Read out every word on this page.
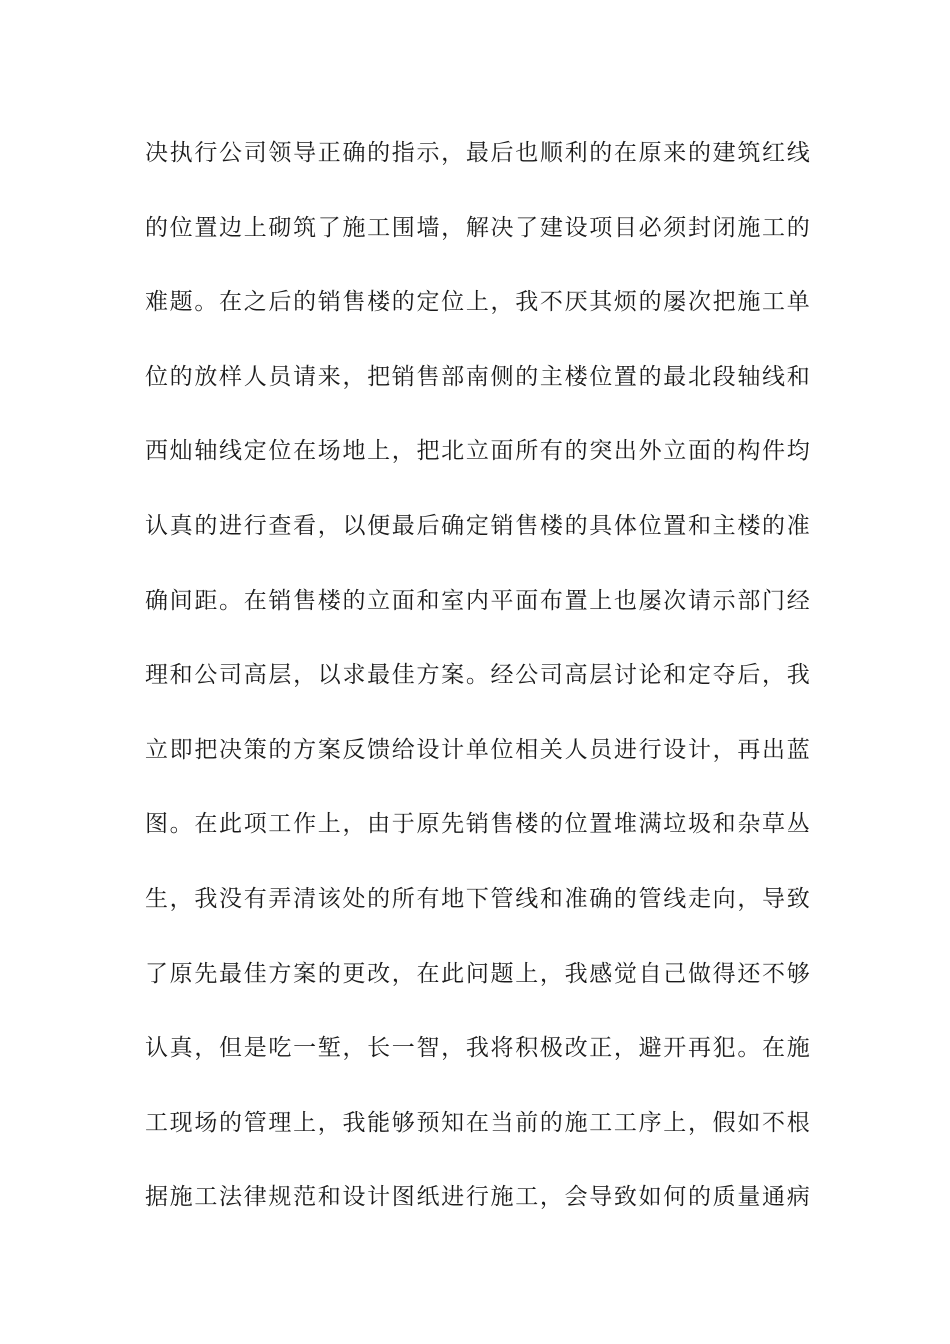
决执行公司领导正确的指示，最后也顺利的在原来的建筑红线
的位置边上砌筑了施工围墙，解决了建设项目必须封闭施工的
难题。在之后的销售楼的定位上，我不厌其烦的屡次把施工单
位的放样人员请来，把销售部南侧的主楼位置的最北段轴线和
西灿轴线定位在场地上，把北立面所有的突出外立面的构件均
认真的进行查看，以便最后确定销售楼的具体位置和主楼的准
确间距。在销售楼的立面和室内平面布置上也屡次请示部门经
理和公司高层，以求最佳方案。经公司高层讨论和定夺后，我
立即把决策的方案反馈给设计单位相关人员进行设计，再出蓝
图。在此项工作上，由于原先销售楼的位置堆满垃圾和杂草丛
生，我没有弄清该处的所有地下管线和准确的管线走向，导致
了原先最佳方案的更改，在此问题上，我感觉自己做得还不够
认真，但是吃一堑，长一智，我将积极改正，避开再犯。在施
工现场的管理上，我能够预知在当前的施工工序上，假如不根
据施工法律规范和设计图纸进行施工，会导致如何的质量通病
